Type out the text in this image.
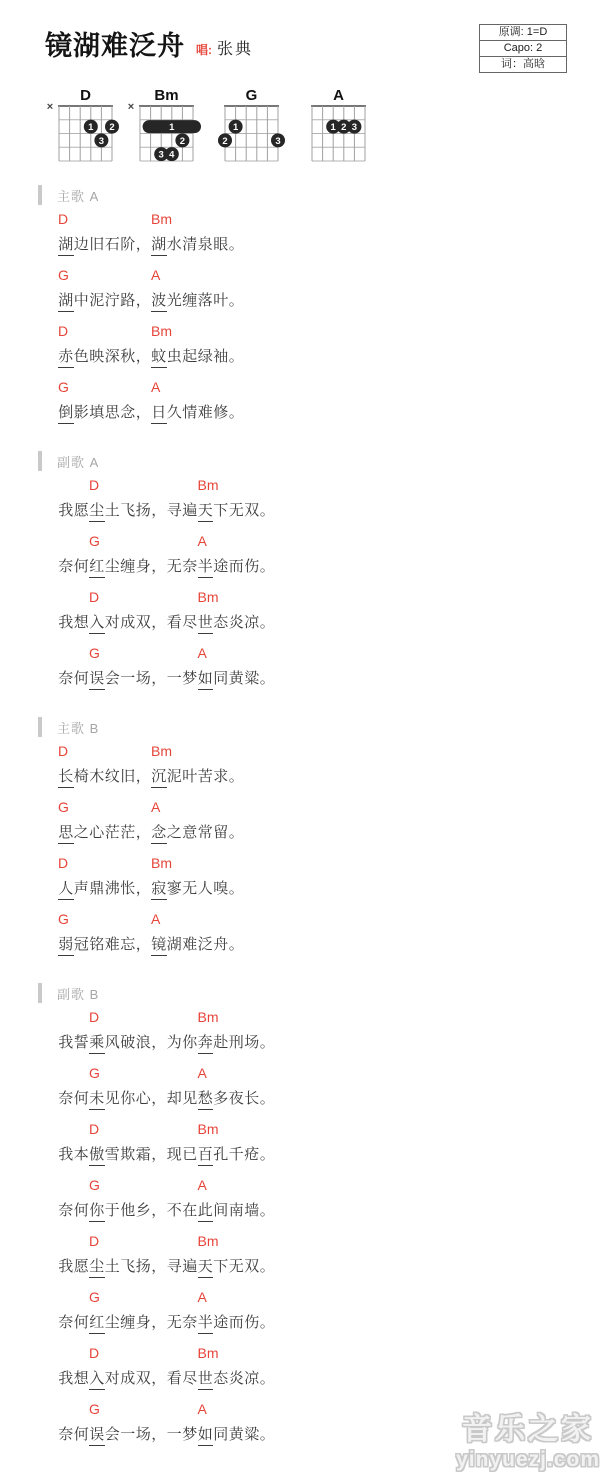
镜湖难泛舟 唱: 张典
原调: 1=D
Capo: 2
词：高晗
D
×
1 2
3
Bm
×
1
2
3 4
G
1
2	3
A
1 2 3
主歌 A
D	Bm
湖边旧石阶，湖水清泉眼。
G	A
湖中泥泞路，波光缠落叶。
D	Bm
赤色映深秋，蚊虫起绿袖。
G	A
倒影填思念，日久情难修。
副歌 A
D	Bm
我愿尘土飞扬，寻遍天下无双。
G	A
奈何红尘缠身，无奈半途而伤。
D	Bm
我想入对成双，看尽世态炎凉。
G	A
奈何误会一场，一梦如同黄粱。
主歌 B
D	Bm
长椅木纹旧，沉泥叶苦求。
G	A
思之心茫茫，念之意常留。
D	Bm
人声鼎沸怅，寂寥无人嗅。
G	A
弱冠铭难忘，镜湖难泛舟。
副歌 B
D	Bm
我誓乘风破浪，为你奔赴刑场。
G	A
奈何未见你心，却见愁多夜长。
D	Bm
我本傲雪欺霜，现已百孔千疮。
G	A
奈何你于他乡，不在此间南墙。
D	Bm
我愿尘土飞扬，寻遍天下无双。
G	A
奈何红尘缠身，无奈半途而伤。
D	Bm
我想入对成双，看尽世态炎凉。
G	A
奈何误会一场，一梦如同黄粱。	音乐之家
yinyuezj.com
